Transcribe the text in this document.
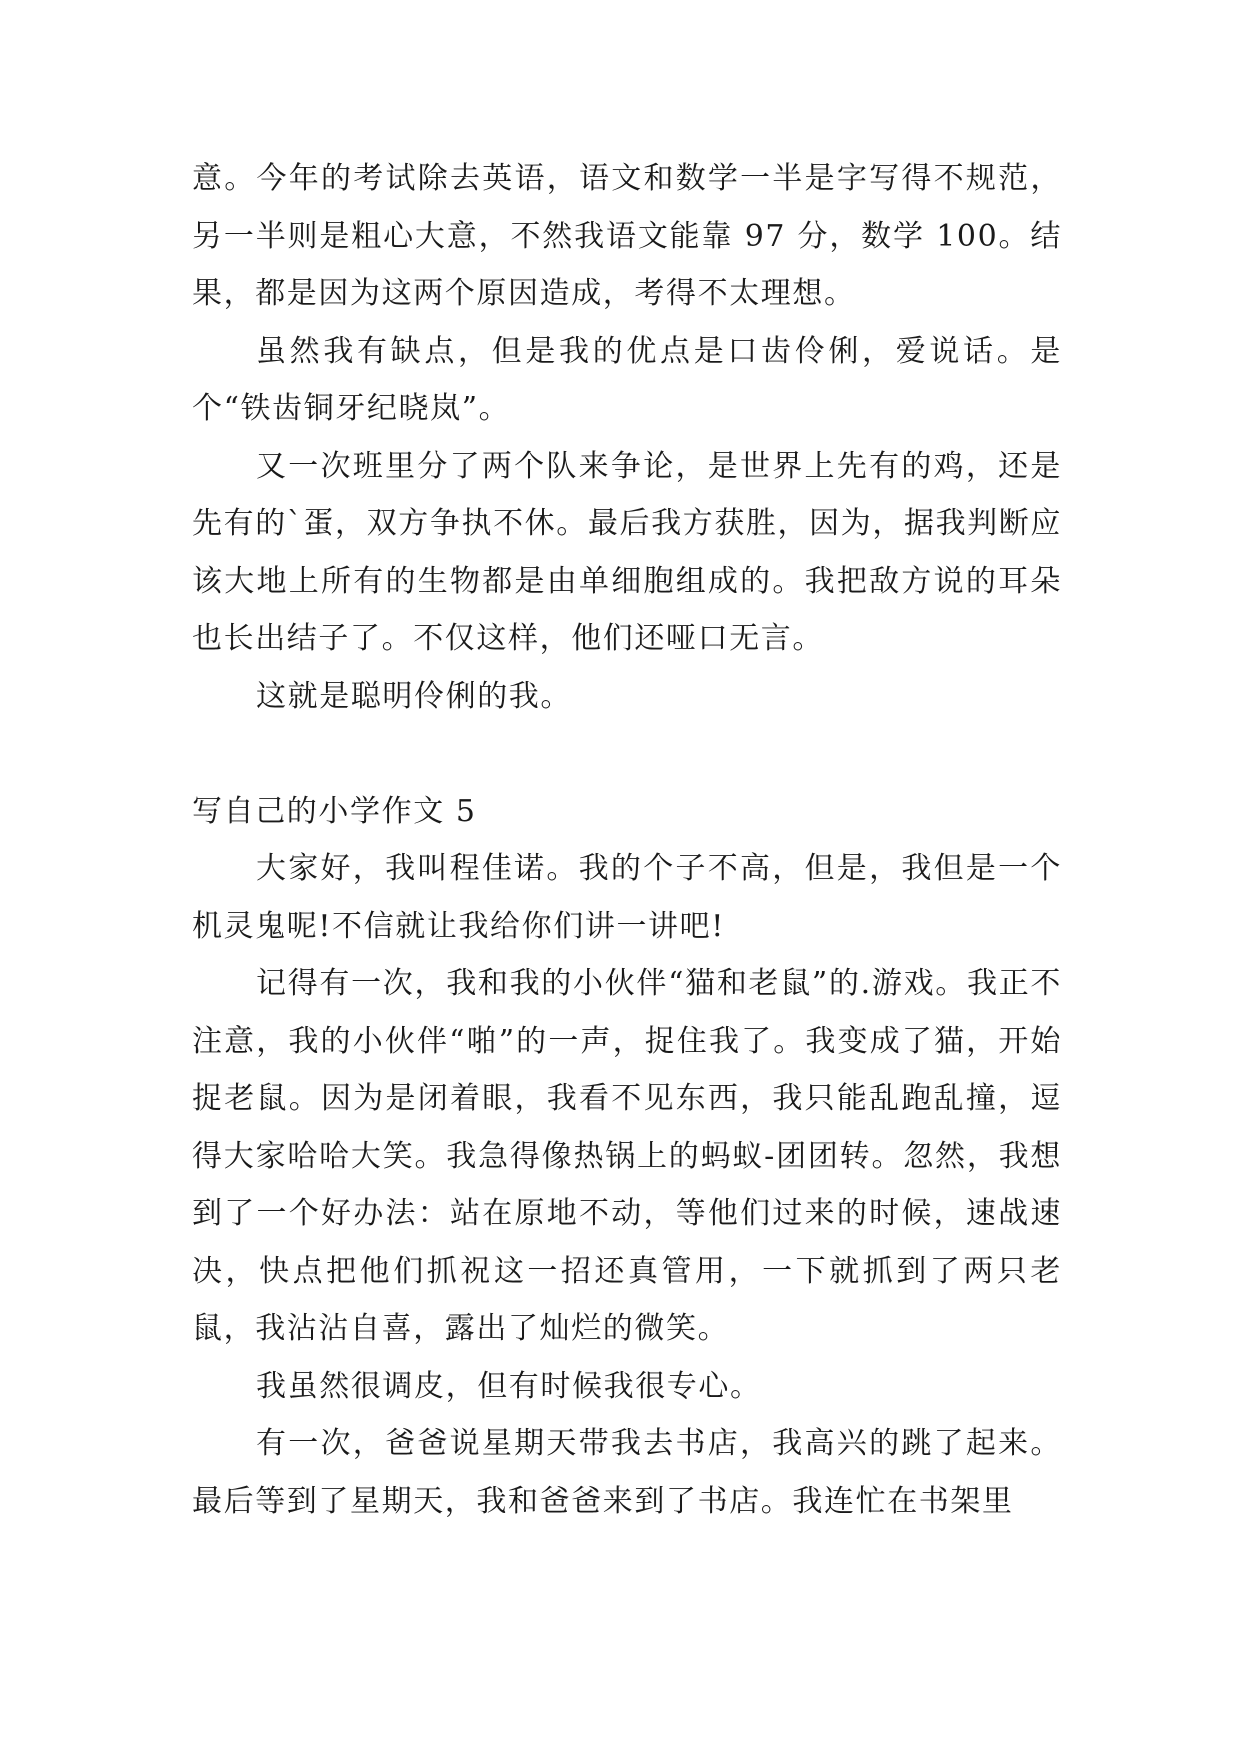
意。今年的考试除去英语，语文和数学一半是字写得不规范，另一半则是粗心大意，不然我语文能靠 97 分，数学 100。结果，都是因为这两个原因造成，考得不太理想。

虽然我有缺点，但是我的优点是口齿伶俐，爱说话。是个“铁齿铜牙纪晓岚”。

又一次班里分了两个队来争论，是世界上先有的鸡，还是先有的`蛋，双方争执不休。最后我方获胜，因为，据我判断应该大地上所有的生物都是由单细胞组成的。我把敌方说的耳朵也长出结子了。不仅这样，他们还哑口无言。

这就是聪明伶俐的我。

写自己的小学作文 5

大家好，我叫程佳诺。我的个子不高，但是，我但是一个机灵鬼呢!不信就让我给你们讲一讲吧!

记得有一次，我和我的小伙伴“猫和老鼠”的.游戏。我正不注意，我的小伙伴“啪”的一声，捉住我了。我变成了猫，开始捉老鼠。因为是闭着眼，我看不见东西，我只能乱跑乱撞，逗得大家哈哈大笑。我急得像热锅上的蚂蚁-团团转。忽然，我想到了一个好办法：站在原地不动，等他们过来的时候，速战速决，快点把他们抓祝这一招还真管用，一下就抓到了两只老鼠，我沾沾自喜，露出了灿烂的微笑。

我虽然很调皮，但有时候我很专心。

有一次，爸爸说星期天带我去书店，我高兴的跳了起来。最后等到了星期天，我和爸爸来到了书店。我连忙在书架里
